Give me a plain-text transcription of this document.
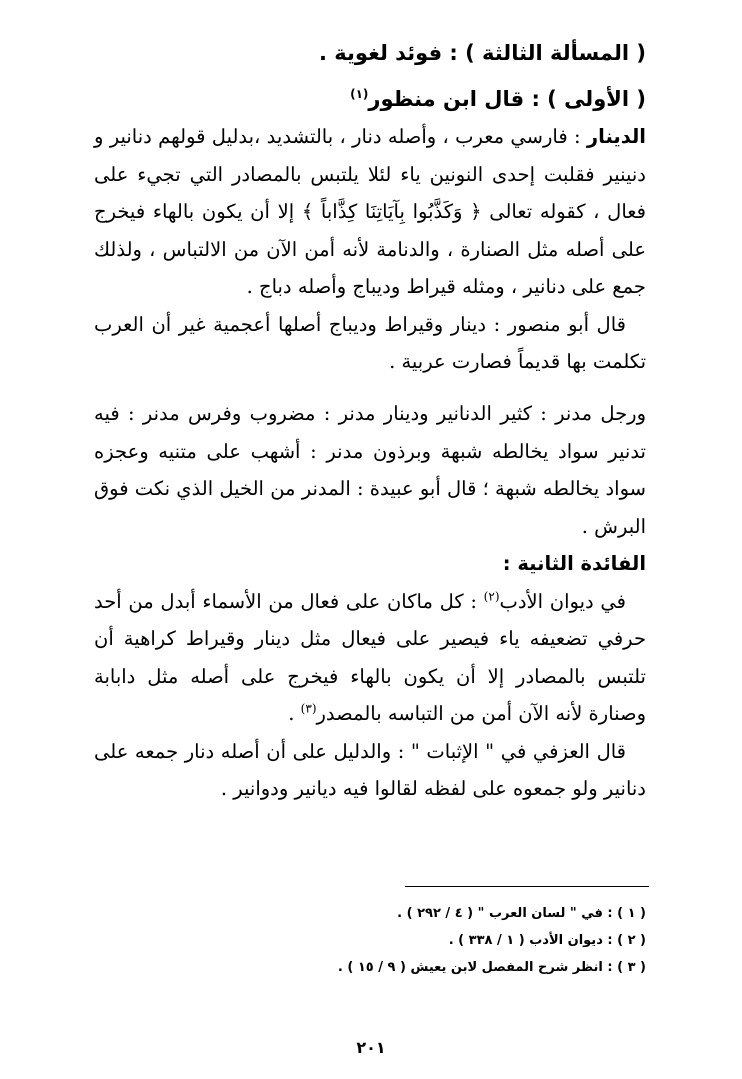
( المسألة الثالثة ) : فوئد لغوية .
( الأولى ) : قال ابن منظور$^{(١)}$

الدينار : فارسي معرب ، وأصله دنار ، بالتشديد ،بدليل قولهم دنانير و دنينير فقلبت إحدى النونين ياء لئلا يلتبس بالمصادر التي تجيء على فعال ، كقوله تعالى ﴿ وَكَذَّبُوا بِآيَاتِنَا كِذَّاباً ﴾ إلا أن يكون بالهاء فيخرج على أصله مثل الصنارة ، والدنامة لأنه أمن الآن من الالتباس ، ولذلك جمع على دنانير ، ومثله قيراط وديباج وأصله دباج .

قال أبو منصور : دينار وقيراط وديباج أصلها أعجمية غير أن العرب تكلمت بها قديماً فصارت عربية .

ورجل مدنر : كثير الدنانير ودينار مدنر : مضروب وفرس مدنر : فيه تدنير سواد يخالطه شبهة وبرذون مدنر : أشهب على متنيه وعجزه سواد يخالطه شبهة ؛ قال أبو عبيدة : المدنر من الخيل الذي نكت فوق البرش .

الفائدة الثانية :

في ديوان الأدب$^{(٢)}$ : كل ماكان على فعال من الأسماء أبدل من أحد حرفي تضعيفه ياء فيصير على فيعال مثل دينار وقيراط كراهية أن تلتبس بالمصادر إلا أن يكون بالهاء فيخرج على أصله مثل دابابة وصنارة لأنه الآن أمن من التباسه بالمصدر$^{(٣)}$ .

قال العزفي في " الإثبات " : والدليل على أن أصله دنار جمعه على دنانير ولو جمعوه على لفظه لقالوا فيه ديانير ودوانير .

( ١ ) : في " لسان العرب " ( ٤ / ٢٩٢ ) .
( ٢ ) : ديوان الأدب ( ١ / ٣٣٨ ) .
( ٣ ) : انظر شرح المفصل لابن يعيش ( ٩ / ١٥ ) .
٢٠١
